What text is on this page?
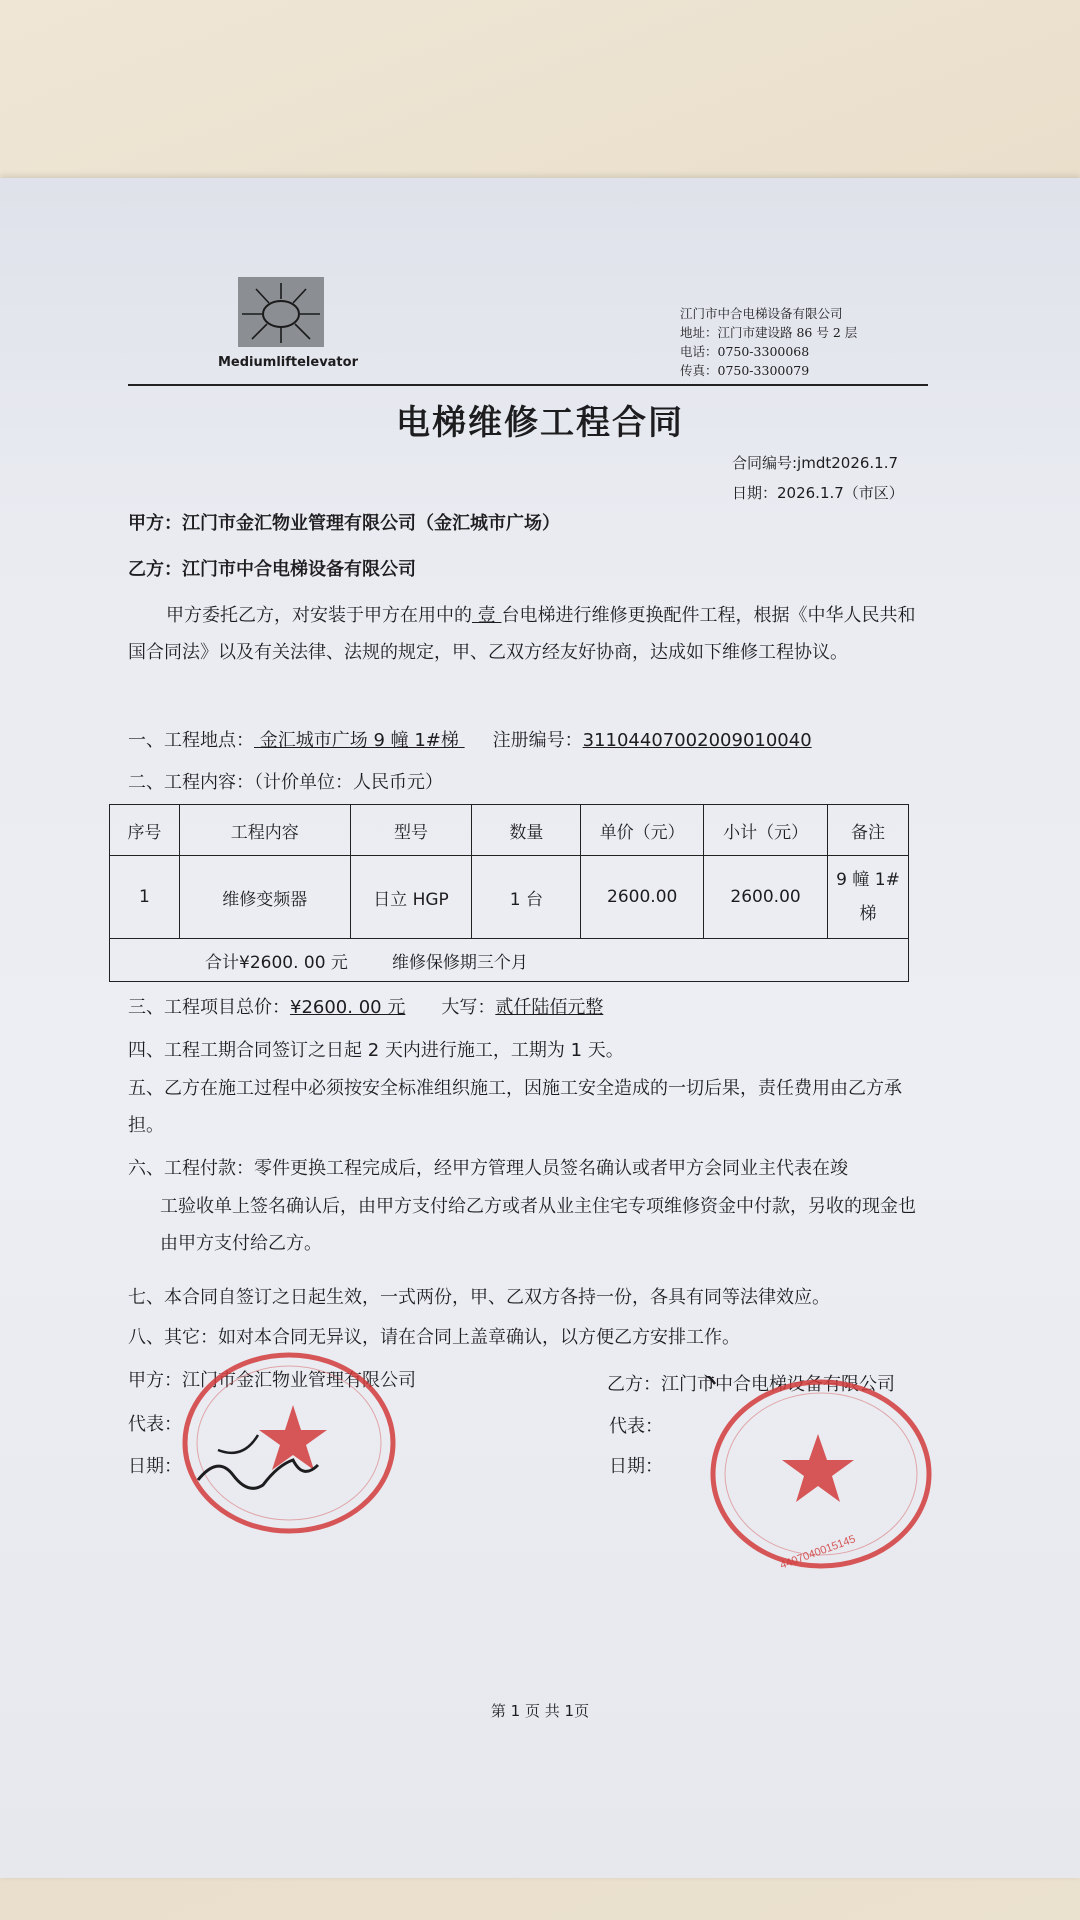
Mediumliftelevator
江门市中合电梯设备有限公司
地址：江门市建设路 86 号 2 层
电话：0750-3300068
传真：0750-3300079
电梯维修工程合同
合同编号:jmdt2026.1.7
日期：2026.1.7（市区）
甲方：江门市金汇物业管理有限公司（金汇城市广场）
乙方：江门市中合电梯设备有限公司
甲方委托乙方，对安装于甲方在用中的 壹 台电梯进行维修更换配件工程，根据《中华人民共和国合同法》以及有关法律、法规的规定，甲、乙双方经友好协商，达成如下维修工程协议。
一、工程地点： 金汇城市广场 9 幢 1#梯 注册编号：31104407002009010040
二、工程内容：（计价单位：人民币元）
序号	工程内容	型号	数量	单价（元）	小计（元）	备注
1	维修变频器	日立 HGP	1 台	2600.00	2600.00	9 幢 1#梯
合计¥2600. 00 元 维修保修期三个月						
三、工程项目总价：¥2600. 00 元 大写：贰仟陆佰元整
四、工程工期合同签订之日起 2 天内进行施工，工期为 1 天。
五、乙方在施工过程中必须按安全标准组织施工，因施工安全造成的一切后果，责任费用由乙方承担。
六、工程付款：零件更换工程完成后，经甲方管理人员签名确认或者甲方会同业主代表在竣
工验收单上签名确认后，由甲方支付给乙方或者从业主住宅专项维修资金中付款，另收的现金也由甲方支付给乙方。
七、本合同自签订之日起生效，一式两份，甲、乙双方各持一份，各具有同等法律效应。
八、其它：如对本合同无异议，请在合同上盖章确认，以方便乙方安排工作。
甲方：江门市金汇物业管理有限公司	乙方：江门市中合电梯设备有限公司
代表：	代表：
日期：	日期：
4407040015145
第 1 页 共 1页
